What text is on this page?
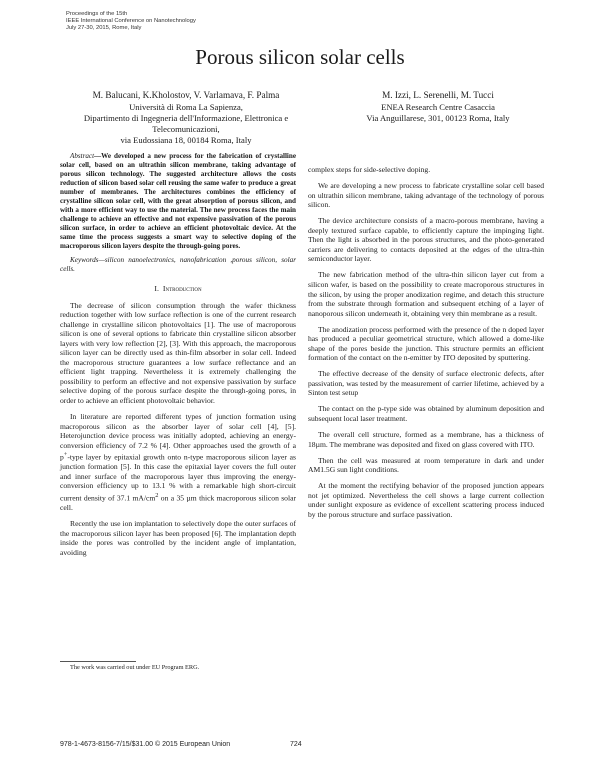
Proceedings of the 15th
IEEE International Conference on Nanotechnology
July 27-30, 2015, Rome, Italy
Porous silicon solar cells
M. Balucani, K.Kholostov, V. Varlamava, F. Palma
Università di Roma La Sapienza,
Dipartimento di Ingegneria dell'Informazione, Elettronica e
Telecomunicazioni,
via Eudossiana 18, 00184 Roma, Italy
M. Izzi, L. Serenelli, M. Tucci
ENEA Research Centre Casaccia
Via Anguillarese, 301, 00123 Roma, Italy

Abstract—We developed a new process for the fabrication of crystalline solar cell, based on an ultrathin silicon membrane, taking advantage of porous silicon technology. The suggested architecture allows the costs reduction of silicon based solar cell reusing the same wafer to produce a great number of membranes. The architectures combines the efficiency of crystalline silicon solar cell, with the great absorption of porous silicon, and with a more efficient way to use the material. The new process faces the main challenge to achieve an effective and not expensive passivation of the porous silicon surface, in order to achieve an efficient photovoltaic device. At the same time the process suggests a smart way to selective doping of the macroporous silicon layers despite the through-going pores.

Keywords—silicon nanoelectronics, nanofabrication ,porous silicon, solar cells.

I. Introduction

The decrease of silicon consumption through the wafer thickness reduction together with low surface reflection is one of the current research challenge in crystalline silicon photovoltaics [1]. The use of macroporous silicon is one of several options to fabricate thin crystalline silicon absorber layers with very low reflection [2], [3]. With this approach, the macroporous silicon layer can be directly used as thin-film absorber in solar cell. Indeed the macroporous structure guarantees a low surface reflectance and an efficient light trapping. Nevertheless it is extremely challenging the possibility to perform an effective and not expensive passivation by surface selective doping of the porous surface despite the through-going pores, in order to achieve an efficient photovoltaic behavior.

In literature are reported different types of junction formation using macroporous silicon as the absorber layer of solar cell [4], [5]. Heterojunction device process was initially adopted, achieving an energy-conversion efficiency of 7.2 % [4]. Other approaches used the growth of a p+-type layer by epitaxial growth onto n-type macroporous silicon layer as junction formation [5]. In this case the epitaxial layer covers the full outer and inner surface of the macroporous layer thus improving the energy-conversion efficiency up to 13.1 % with a remarkable high short-circuit current density of 37.1 $mA/cm^2$ on a 35 µm thick macroporous silicon solar cell.

Recently the use ion implantation to selectively dope the outer surfaces of the macroporous silicon layer has been proposed [6]. The implantation depth inside the pores was controlled by the incident angle of implantation, avoiding

complex steps for side-selective doping.

We are developing a new process to fabricate crystalline solar cell based on ultrathin silicon membrane, taking advantage of the technology of porous silicon.

The device architecture consists of a macro-porous membrane, having a deeply textured surface capable, to efficiently capture the impinging light. Then the light is absorbed in the porous structures, and the photo-generated carriers are delivering to contacts deposited at the edges of the ultra-thin semiconductor layer.

The new fabrication method of the ultra-thin silicon layer cut from a silicon wafer, is based on the possibility to create macroporous structures in the silicon, by using the proper anodization regime, and detach this structure from the substrate through formation and subsequent etching of a layer of nanoporous silicon underneath it, obtaining very thin membrane as a result.

The anodization process performed with the presence of the n doped layer has produced a peculiar geometrical structure, which allowed a dome-like shape of the pores beside the junction. This structure permits an efficient formation of the contact on the n-emitter by ITO deposited by sputtering.

The effective decrease of the density of surface electronic defects, after passivation, was tested by the measurement of carrier lifetime, achieved by a Sinton test setup

The contact on the p-type side was obtained by aluminum deposition and subsequent local laser treatment.

The overall cell structure, formed as a membrane, has a thickness of 18µm. The membrane was deposited and fixed on glass covered with ITO.

Then the cell was measured at room temperature in dark and under AM1.5G sun light conditions.

At the moment the rectifying behavior of the proposed junction appears not jet optimized. Nevertheless the cell shows a large current collection under sunlight exposure as evidence of excellent scattering process induced by the porous structure and surface passivation.

The work was carried out under EU Program ERG.
978-1-4673-8156-7/15/$31.00 © 2015 European Union	724
